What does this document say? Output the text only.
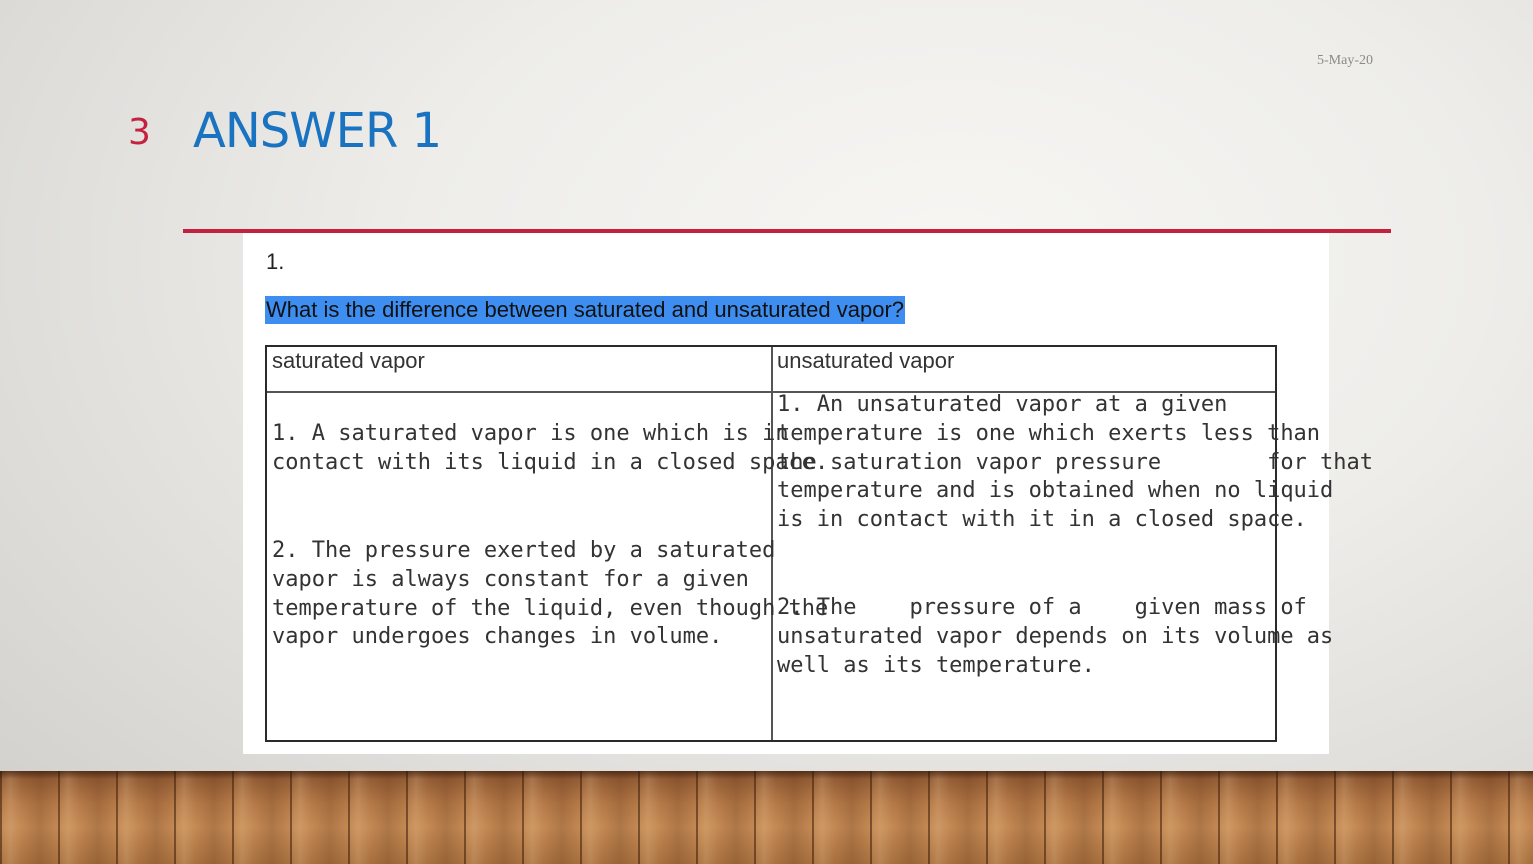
5-May-20
3 ANSWER 1
1.
What is the difference between saturated and unsaturated vapor?
saturated vapor	unsaturated vapor
1. A saturated vapor is one which is in
contact with its liquid in a closed space.
2. The pressure exerted by a saturated
vapor is always constant for a given
temperature of the liquid, even though the
vapor undergoes changes in volume.
1. An unsaturated vapor at a given
temperature is one which exerts less than
the saturation vapor pressure        for that
temperature and is obtained when no liquid
is in contact with it in a closed space.
2. The    pressure of a    given mass of
unsaturated vapor depends on its volume as
well as its temperature.
